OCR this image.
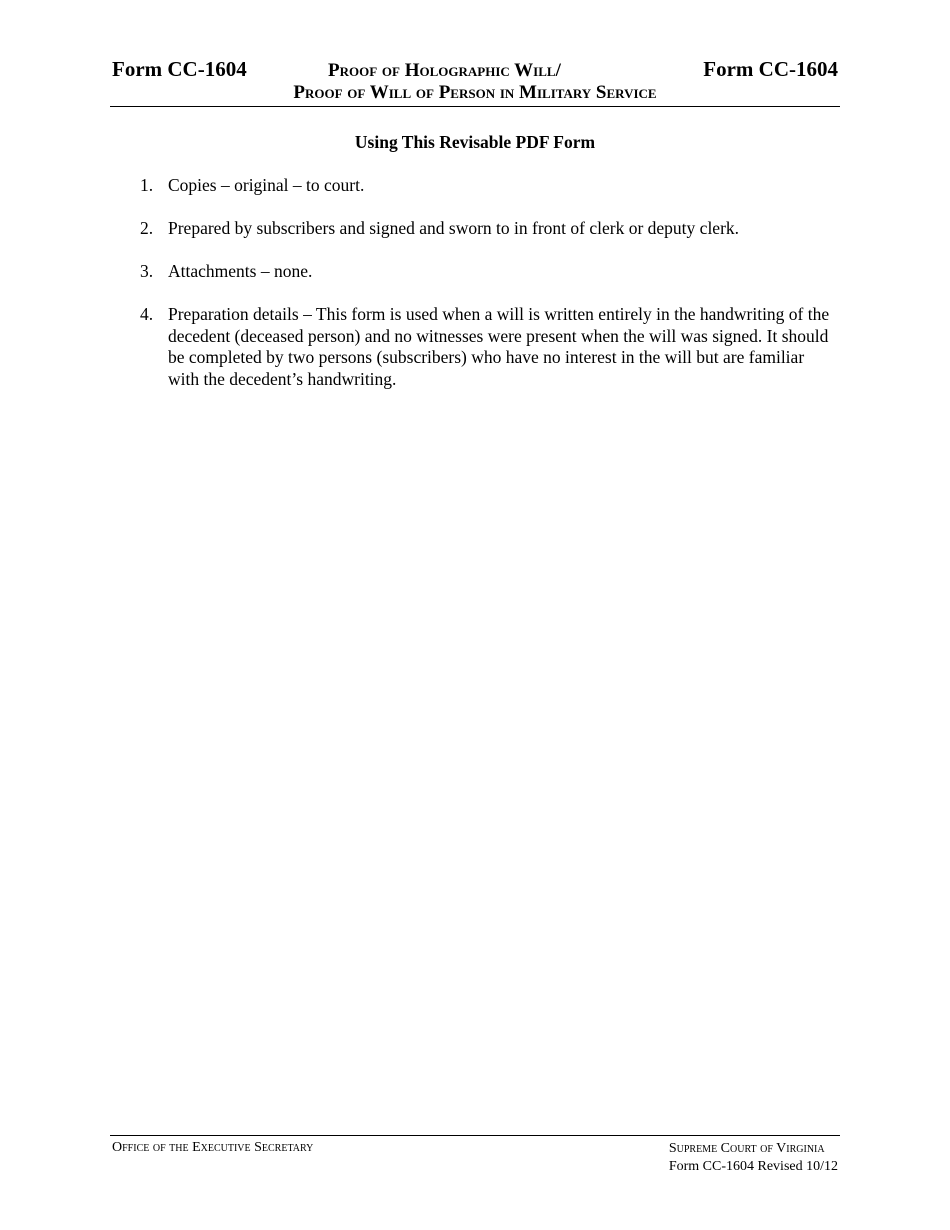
Form CC-1604	Proof of Holographic Will/	Form CC-1604
Proof of Will of Person in Military Service
Using This Revisable PDF Form
1. Copies – original – to court.
2. Prepared by subscribers and signed and sworn to in front of clerk or deputy clerk.
3. Attachments – none.
4. Preparation details – This form is used when a will is written entirely in the handwriting of the decedent (deceased person) and no witnesses were present when the will was signed. It should be completed by two persons (subscribers) who have no interest in the will but are familiar with the decedent’s handwriting.
Office of the Executive Secretary	Supreme Court of Virginia
Form CC-1604 Revised 10/12
